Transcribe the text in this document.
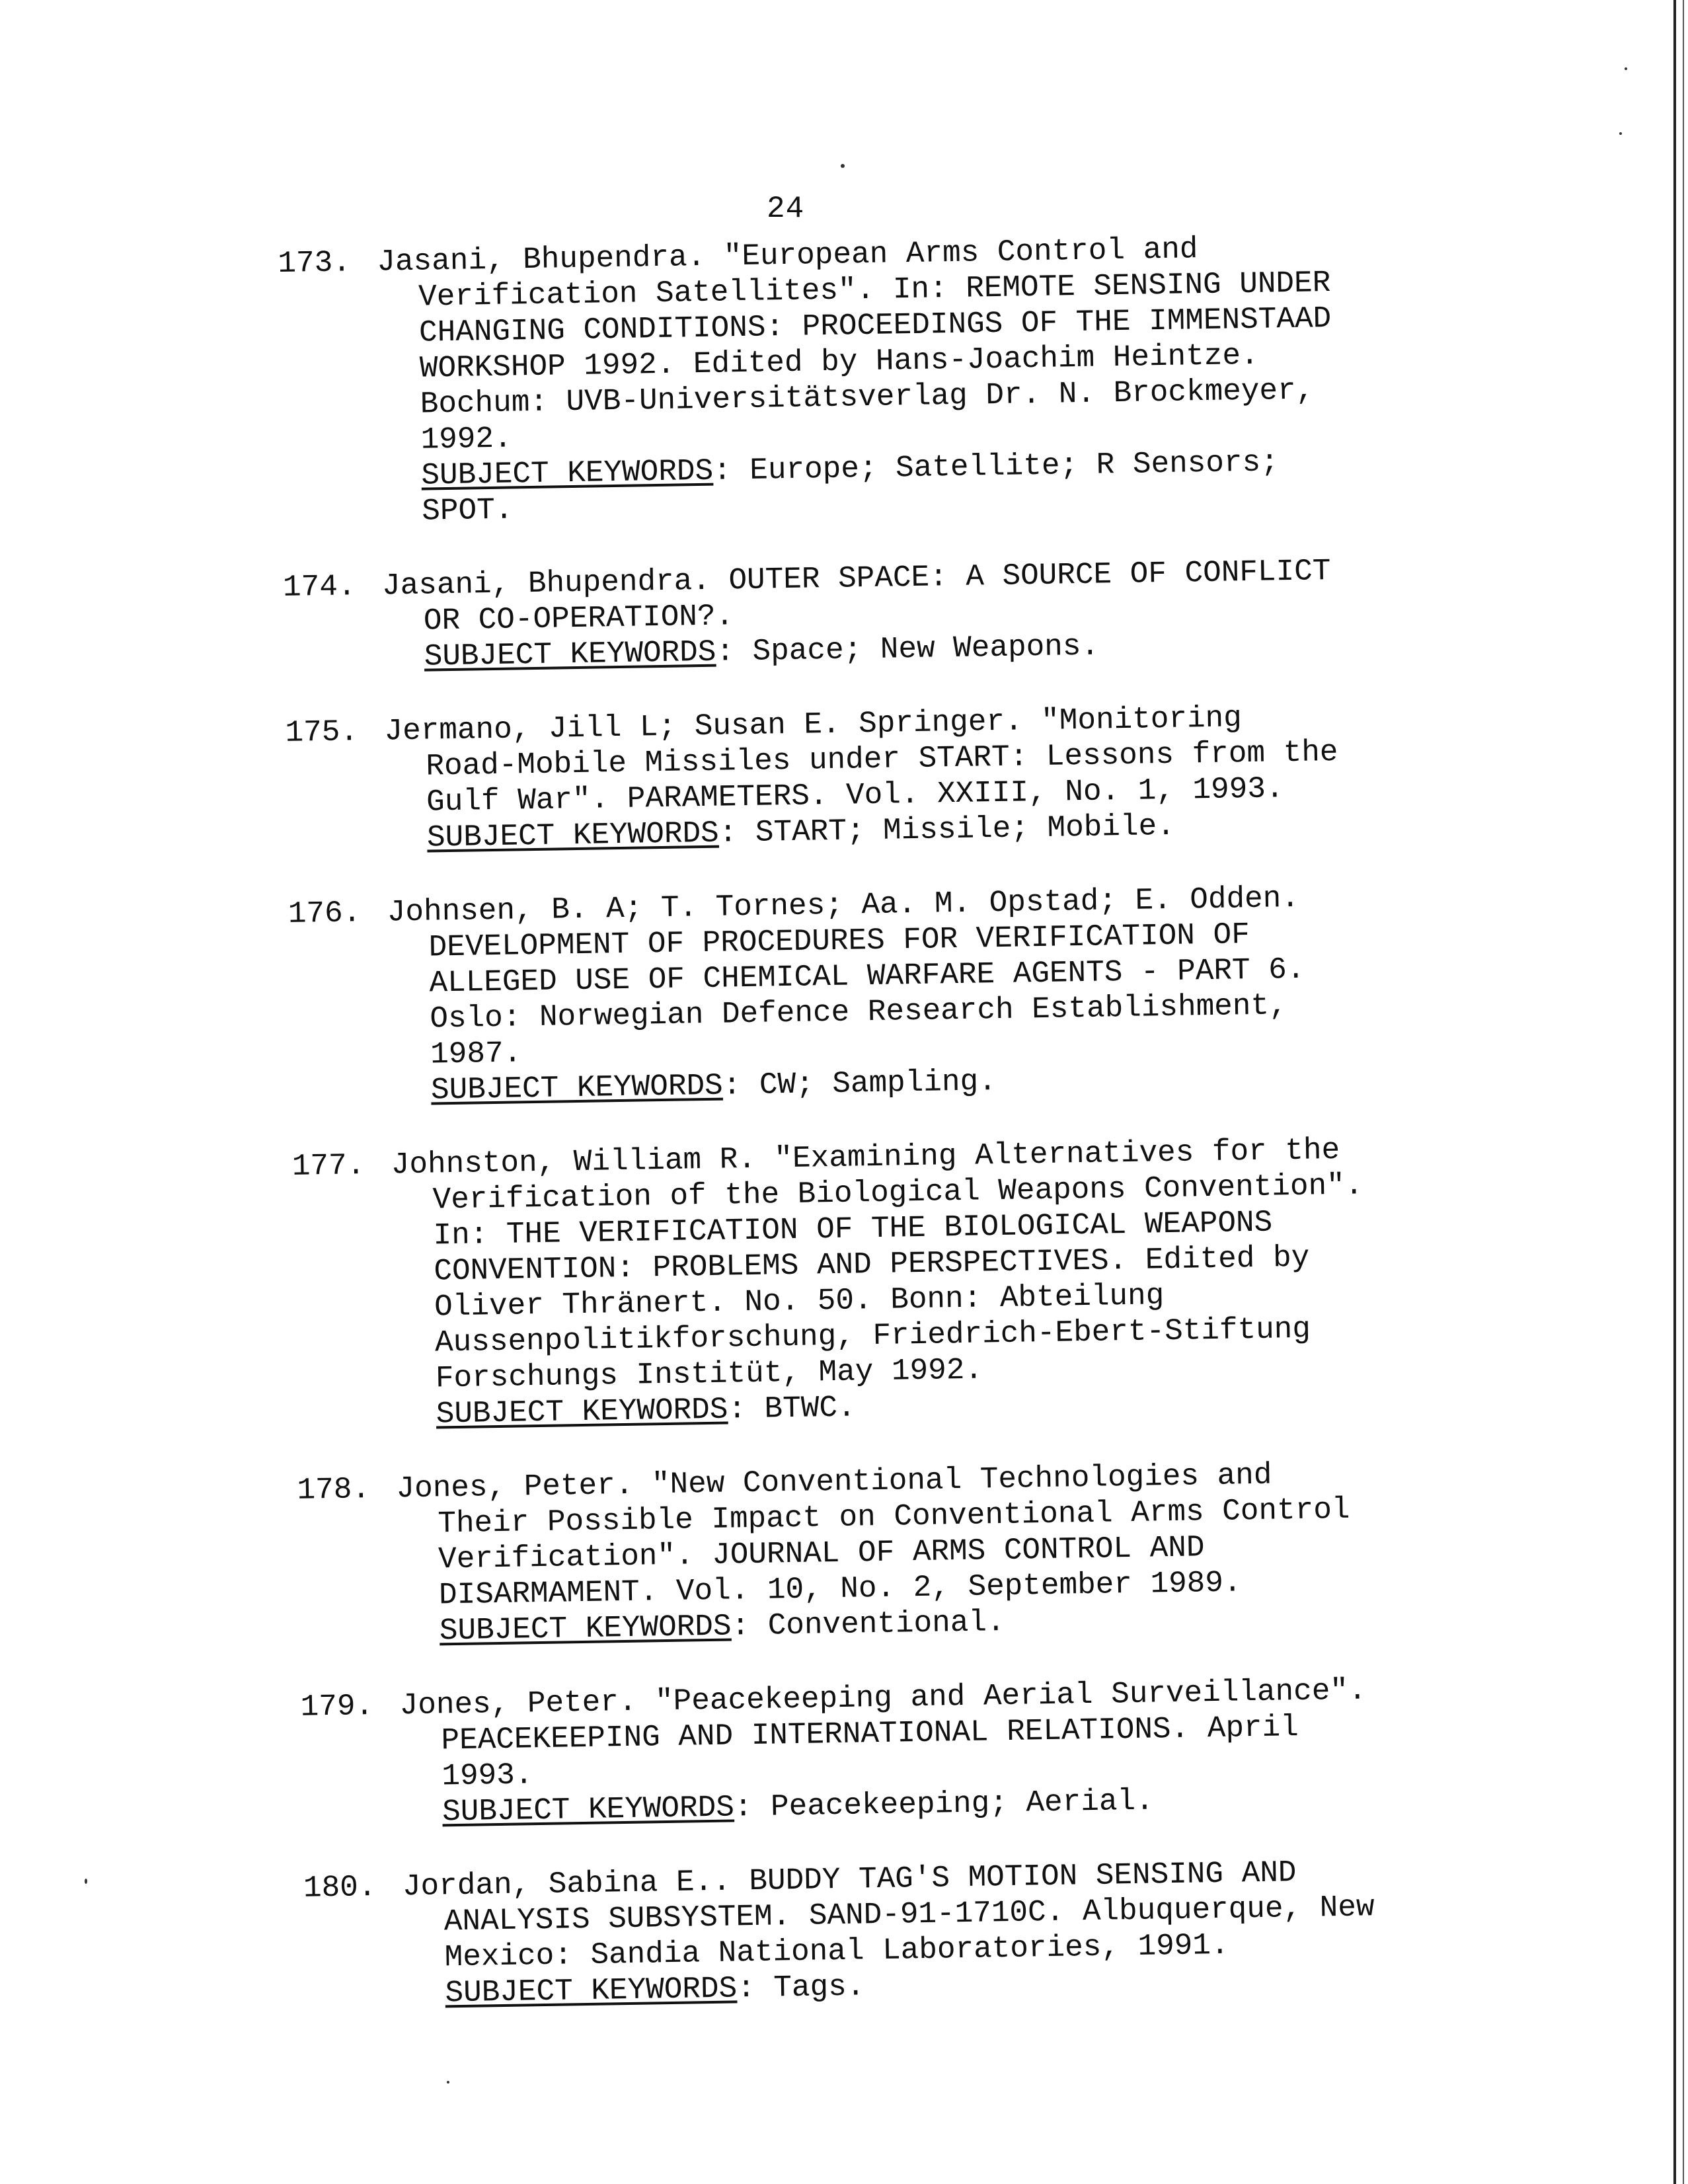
24
173. Jasani, Bhupendra. "European Arms Control and
Verification Satellites". In: REMOTE SENSING UNDER
CHANGING CONDITIONS: PROCEEDINGS OF THE IMMENSTAAD
WORKSHOP 1992. Edited by Hans-Joachim Heintze.
Bochum: UVB-Universitätsverlag Dr. N. Brockmeyer,
1992.
SUBJECT KEYWORDS: Europe; Satellite; R Sensors;
SPOT.
174. Jasani, Bhupendra. OUTER SPACE: A SOURCE OF CONFLICT
OR CO-OPERATION?.
SUBJECT KEYWORDS: Space; New Weapons.
175. Jermano, Jill L; Susan E. Springer. "Monitoring
Road-Mobile Missiles under START: Lessons from the
Gulf War". PARAMETERS. Vol. XXIII, No. 1, 1993.
SUBJECT KEYWORDS: START; Missile; Mobile.
176. Johnsen, B. A; T. Tornes; Aa. M. Opstad; E. Odden.
DEVELOPMENT OF PROCEDURES FOR VERIFICATION OF
ALLEGED USE OF CHEMICAL WARFARE AGENTS - PART 6.
Oslo: Norwegian Defence Research Establishment,
1987.
SUBJECT KEYWORDS: CW; Sampling.
177. Johnston, William R. "Examining Alternatives for the
Verification of the Biological Weapons Convention".
In: THE VERIFICATION OF THE BIOLOGICAL WEAPONS
CONVENTION: PROBLEMS AND PERSPECTIVES. Edited by
Oliver Thränert. No. 50. Bonn: Abteilung
Aussenpolitikforschung, Friedrich-Ebert-Stiftung
Forschungs Institüt, May 1992.
SUBJECT KEYWORDS: BTWC.
178. Jones, Peter. "New Conventional Technologies and
Their Possible Impact on Conventional Arms Control
Verification". JOURNAL OF ARMS CONTROL AND
DISARMAMENT. Vol. 10, No. 2, September 1989.
SUBJECT KEYWORDS: Conventional.
179. Jones, Peter. "Peacekeeping and Aerial Surveillance".
PEACEKEEPING AND INTERNATIONAL RELATIONS. April
1993.
SUBJECT KEYWORDS: Peacekeeping; Aerial.
180. Jordan, Sabina E.. BUDDY TAG'S MOTION SENSING AND
ANALYSIS SUBSYSTEM. SAND-91-1710C. Albuquerque, New
Mexico: Sandia National Laboratories, 1991.
SUBJECT KEYWORDS: Tags.
